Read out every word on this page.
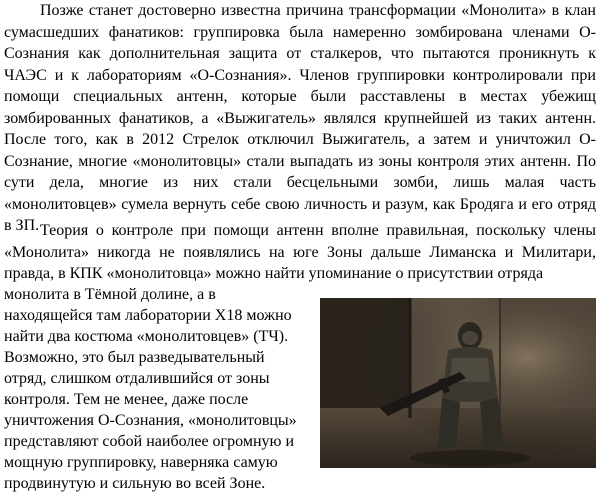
Позже станет достоверно известна причина трансформации «Монолита» в клан сумасшедших фанатиков: группировка была намеренно зомбирована членами О-Сознания как дополнительная защита от сталкеров, что пытаются проникнуть к ЧАЭС и к лабораториям «О-Сознания». Членов группировки контролировали при помощи специальных антенн, которые были расставлены в местах убежищ зомбированных фанатиков, а «Выжигатель» являлся крупнейшей из таких антенн. После того, как в 2012 Стрелок отключил Выжигатель, а затем и уничтожил О-Сознание, многие «монолитовцы» стали выпадать из зоны контроля этих антенн. По сути дела, многие из них стали бесцельными зомби, лишь малая часть «монолитовцев» сумела вернуть себе свою личность и разум, как Бродяга и его отряд в ЗП. Теория о контроле при помощи антенн вполне правильная, поскольку члены «Монолита» никогда не появлялись на юге Зоны дальше Лиманска и Милитари, правда, в КПК «монолитовца» можно найти упоминание о присутствии отряда

монолита в Тёмной долине, а в
находящейся там лаборатории Х18 можно
найти два костюма «монолитовцев» (ТЧ).
Возможно, это был разведывательный
отряд, слишком отдалившийся от зоны
контроля. Тем не менее, даже после
уничтожения О-Сознания, «монолитовцы»
представляют собой наиболее огромную и
мощную группировку, наверняка самую
продвинутую и сильную во всей Зоне.
